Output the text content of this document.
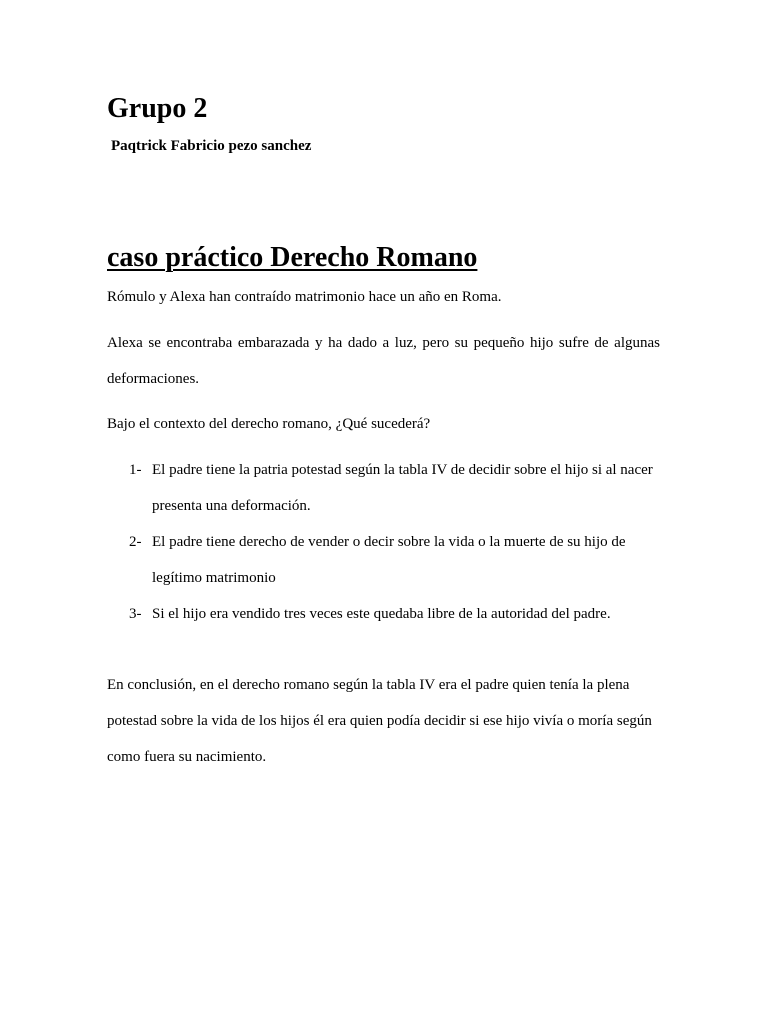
Grupo 2

Paqtrick Fabricio pezo sanchez

caso práctico Derecho Romano

Rómulo y Alexa han contraído matrimonio hace un año en Roma.

Alexa se encontraba embarazada y ha dado a luz, pero su pequeño hijo sufre de algunas deformaciones.

Bajo el contexto del derecho romano, ¿Qué sucederá?

1- El padre tiene la patria potestad según la tabla IV de decidir sobre el hijo si al nacer presenta una deformación.
2- El padre tiene derecho de vender o decir sobre la vida o la muerte de su hijo de legítimo matrimonio
3- Si el hijo era vendido tres veces este quedaba libre de la autoridad del padre.

En conclusión, en el derecho romano según la tabla IV era el padre quien tenía la plena potestad sobre la vida de los hijos él era quien podía decidir si ese hijo vivía o moría según como fuera su nacimiento.
